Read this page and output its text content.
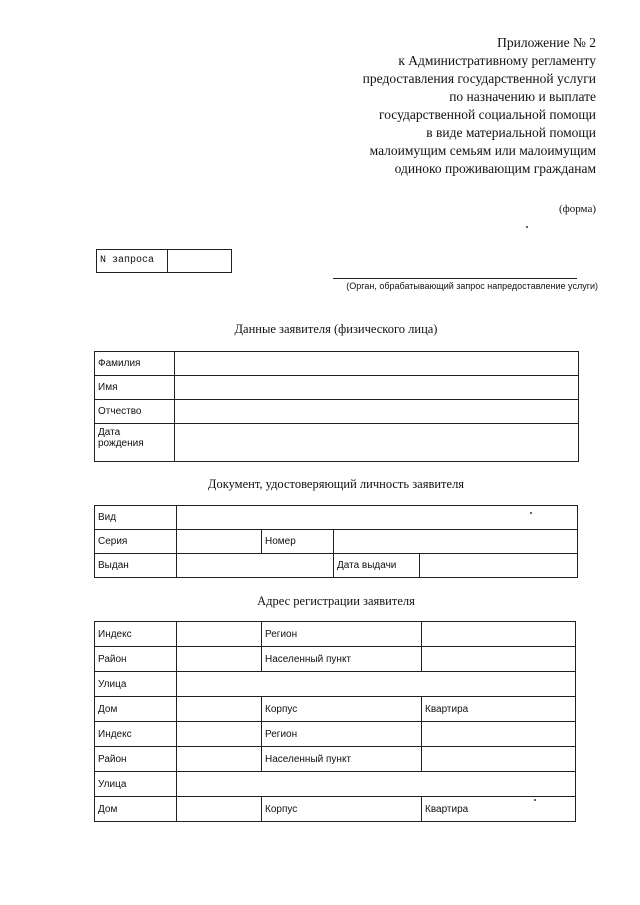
Приложение № 2
к Административному регламенту
предоставления государственной услуги
по назначению и выплате
государственной социальной помощи
в виде материальной помощи
малоимущим семьям или малоимущим
одиноко проживающим гражданам
(форма)
N запроса
(Орган, обрабатывающий запрос напредоставление услуги)
Данные заявителя (физического лица)
Фамилия	
Имя	
Отчество	

Дата
рождения	

Документ, удостоверяющий личность заявителя
Вид				
Серия		Номер		
Выдан			Дата выдачи	
Адрес регистрации заявителя
Индекс		Регион	
Район		Населенный пункт	
Улица			
Дом		Корпус	Квартира
Индекс		Регион	
Район		Населенный пункт	
Улица			
Дом		Корпус	Квартира
